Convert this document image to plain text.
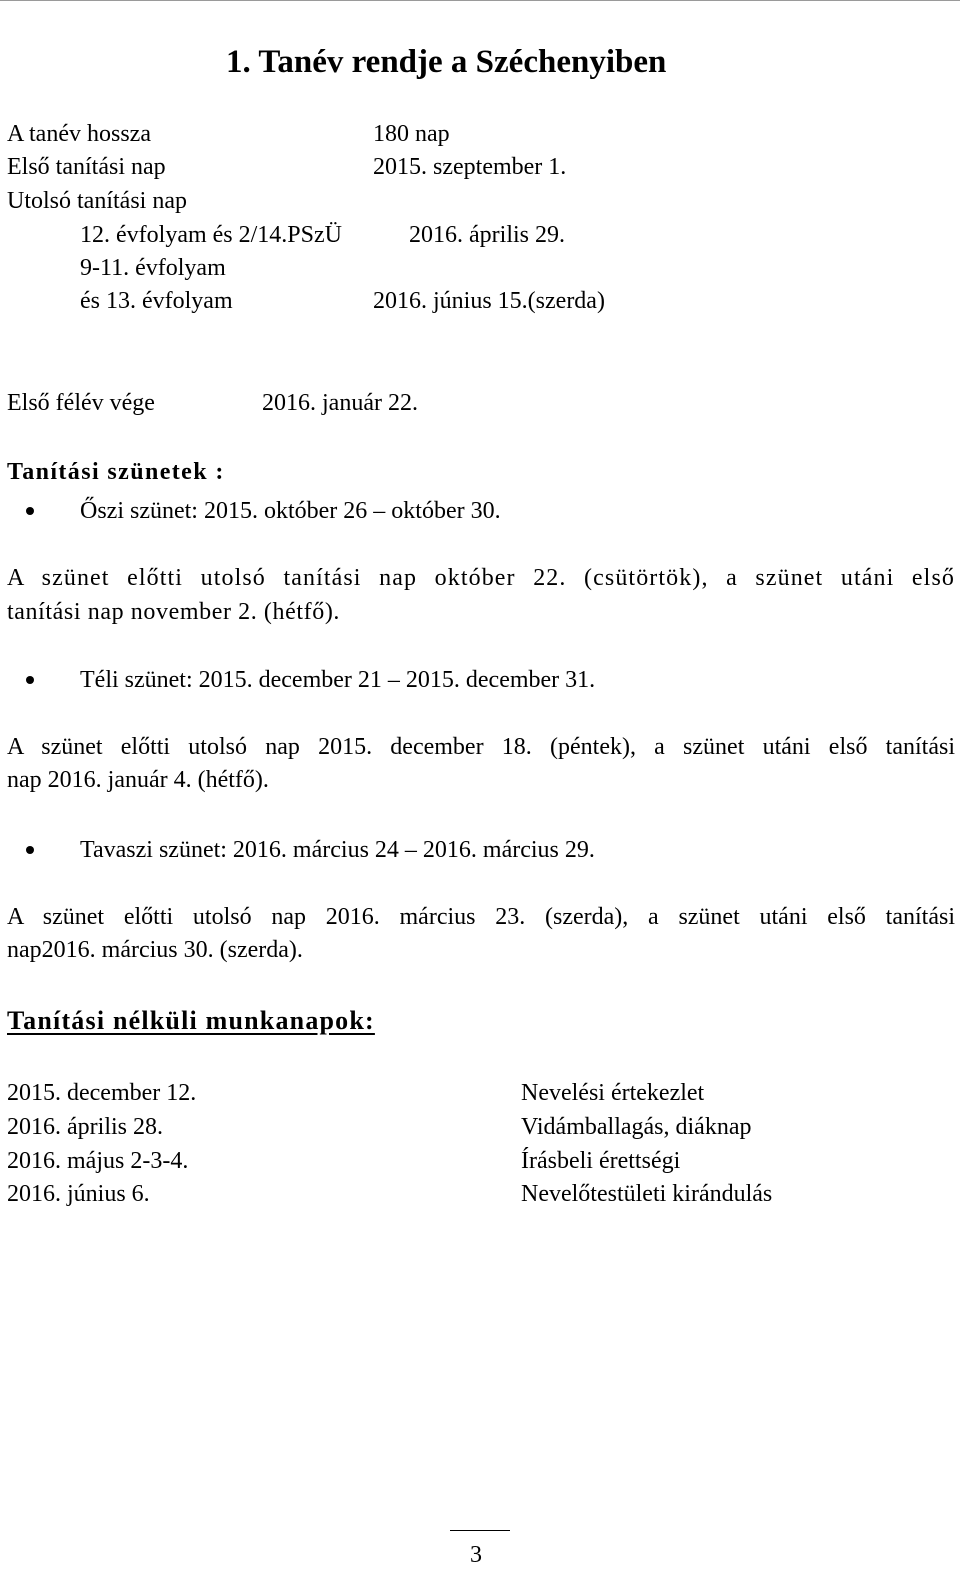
1. Tanév rendje a Széchenyiben
A tanév hossza	180 nap
Első tanítási nap	2015. szeptember 1.
Utolsó tanítási nap
12. évfolyam és 2/14.PSzÜ	2016. április 29.
9-11. évfolyam
és 13. évfolyam	2016. június 15.(szerda)
Első félév vége	2016. január 22.
Tanítási szünetek :
Őszi szünet: 2015. október 26 – október 30.
A szünet előtti utolsó tanítási nap október 22. (csütörtök), a szünet utáni első
tanítási nap november 2. (hétfő).
Téli szünet: 2015. december 21 – 2015. december 31.
A szünet előtti utolsó nap 2015. december 18. (péntek), a szünet utáni első tanítási
nap 2016. január 4. (hétfő).
Tavaszi szünet: 2016. március 24 – 2016. március 29.
A szünet előtti utolsó nap 2016. március 23. (szerda), a szünet utáni első tanítási
nap2016. március 30. (szerda).
Tanítási nélküli munkanapok:
2015. december 12.	Nevelési értekezlet
2016. április 28.	Vidámballagás, diáknap
2016. május 2-3-4.	Írásbeli érettségi
2016. június 6.	Nevelőtestületi kirándulás
3
